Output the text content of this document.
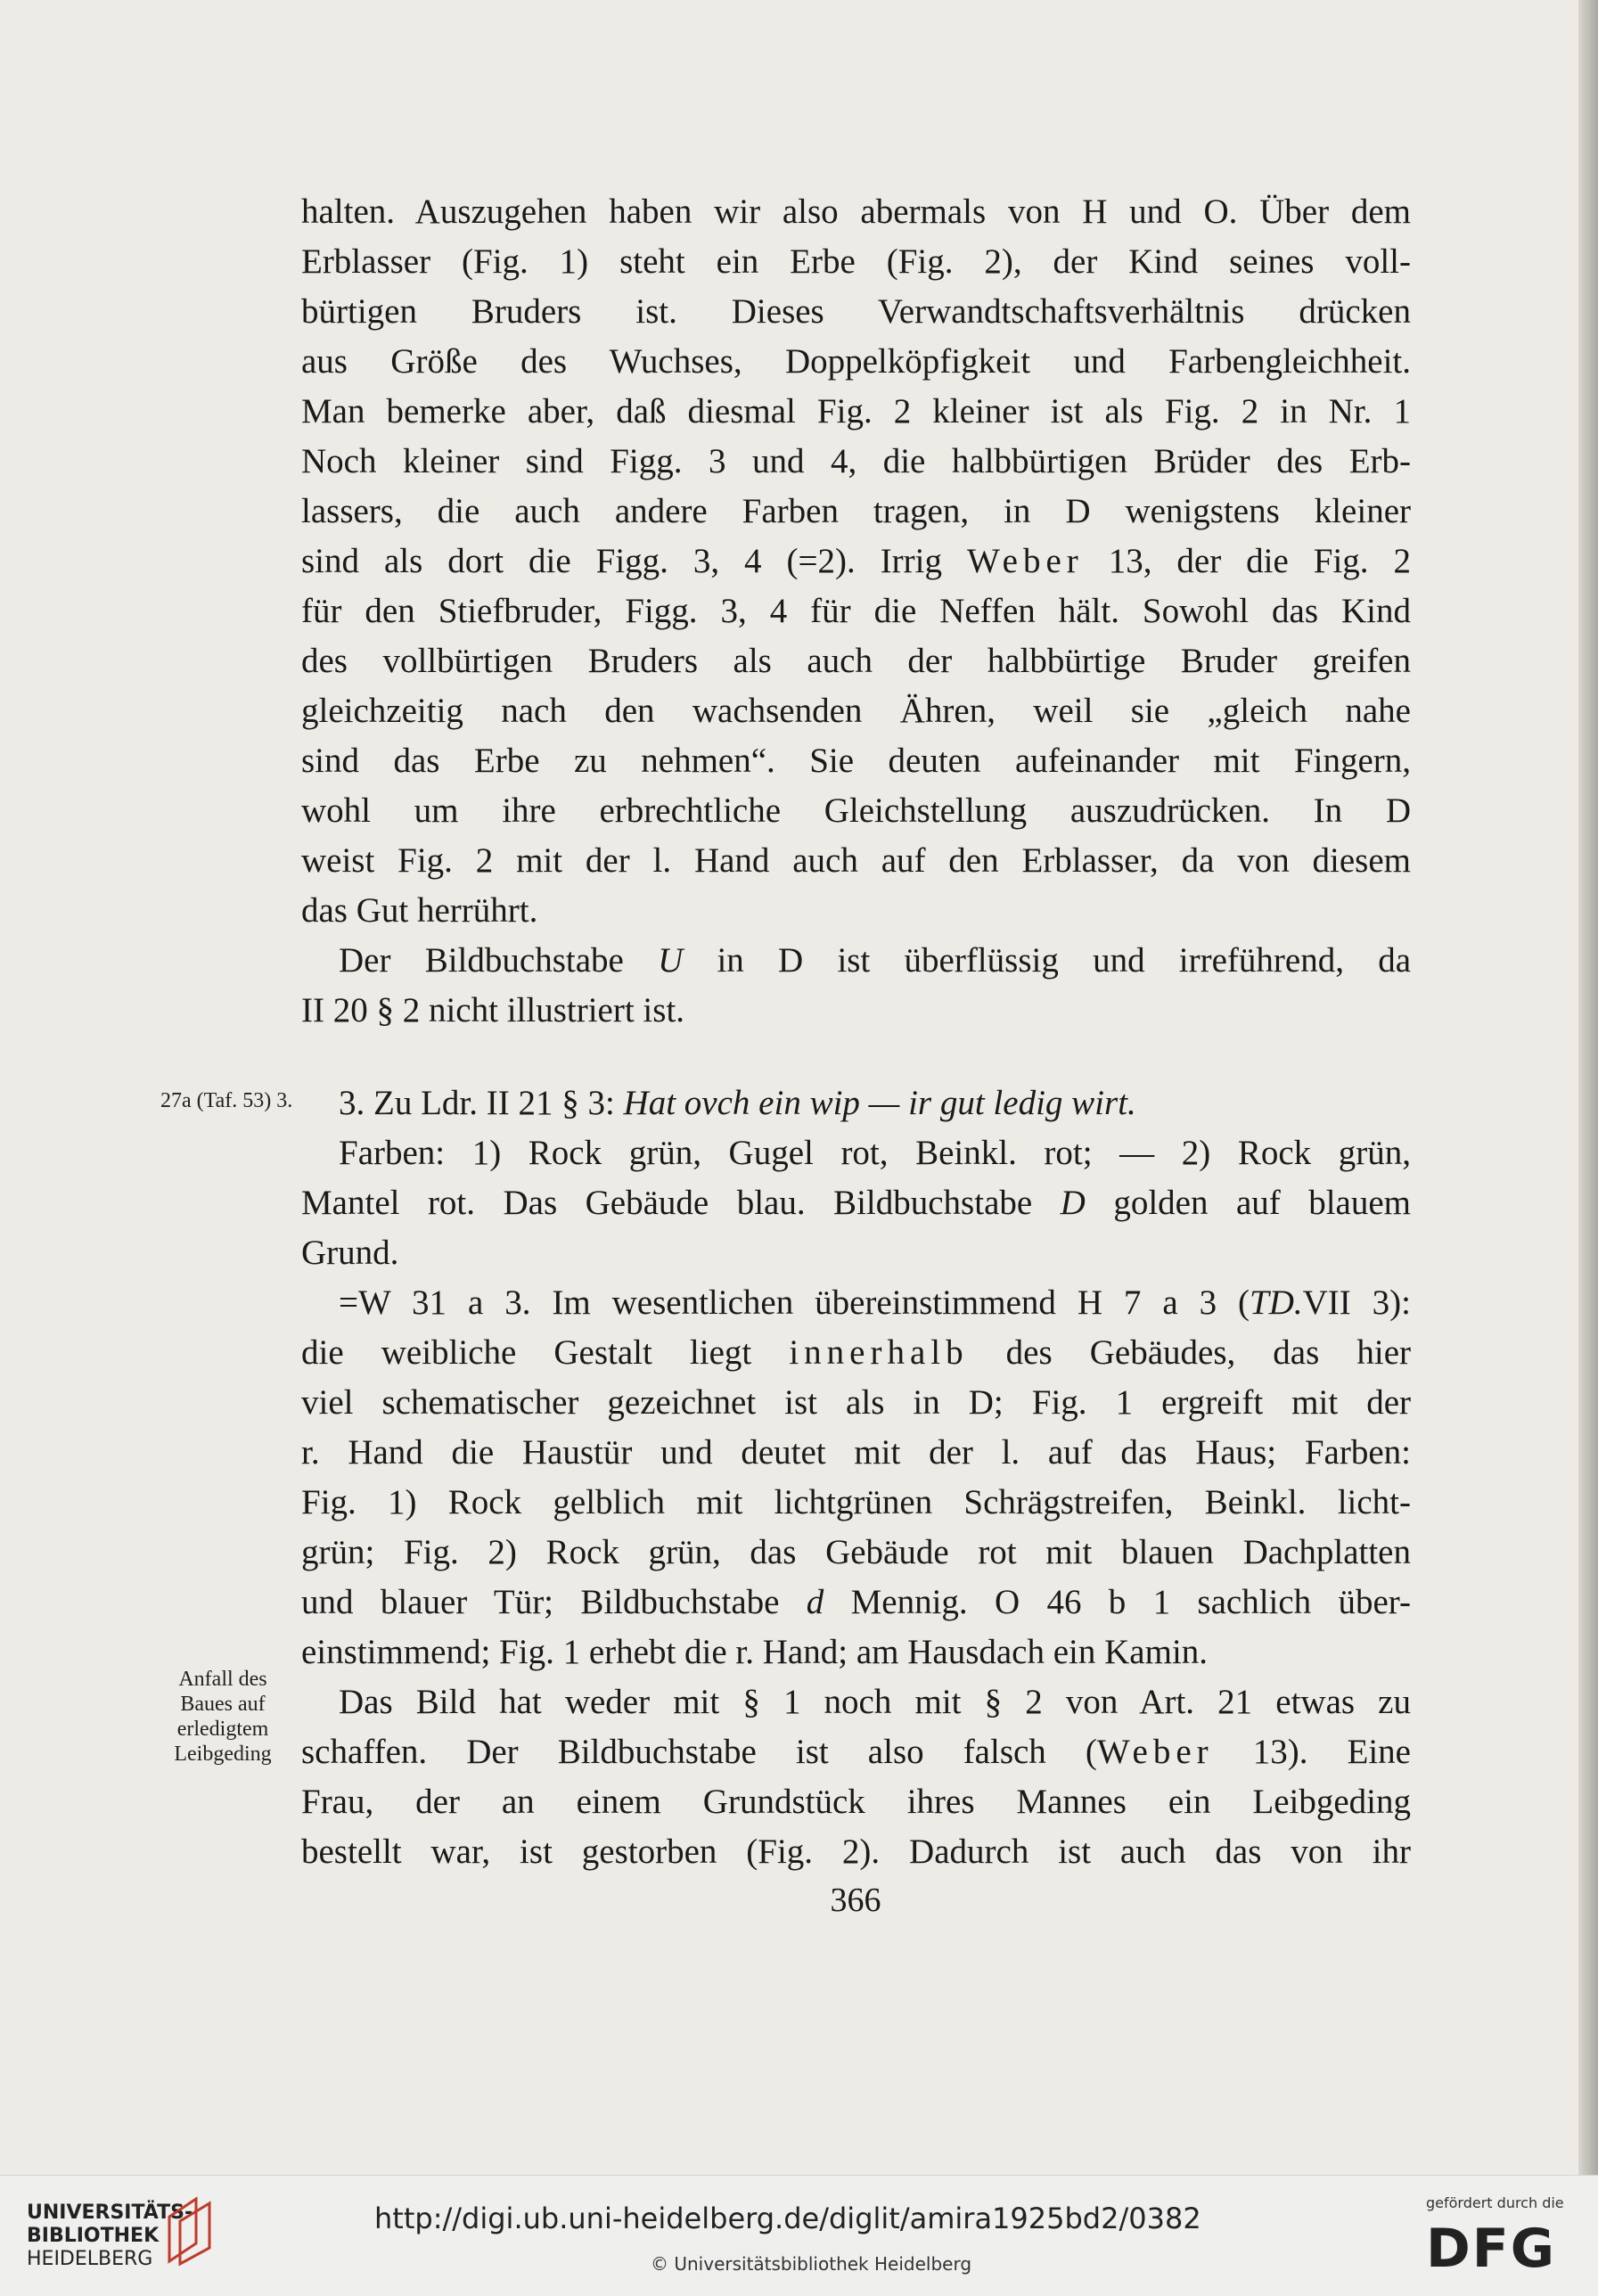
halten. Auszugehen haben wir also abermals von H und O. Über dem
Erblasser (Fig. 1) steht ein Erbe (Fig. 2), der Kind seines voll-
bürtigen Bruders ist. Dieses Verwandtschaftsverhältnis drücken
aus Größe des Wuchses, Doppelköpfigkeit und Farbengleichheit.
Man bemerke aber, daß diesmal Fig. 2 kleiner ist als Fig. 2 in Nr. 1
Noch kleiner sind Figg. 3 und 4, die halbbürtigen Brüder des Erb-
lassers, die auch andere Farben tragen, in D wenigstens kleiner
sind als dort die Figg. 3, 4 (=2). Irrig Weber 13, der die Fig. 2
für den Stiefbruder, Figg. 3, 4 für die Neffen hält. Sowohl das Kind
des vollbürtigen Bruders als auch der halbbürtige Bruder greifen
gleichzeitig nach den wachsenden Ähren, weil sie „gleich nahe
sind das Erbe zu nehmen“. Sie deuten aufeinander mit Fingern,
wohl um ihre erbrechtliche Gleichstellung auszudrücken. In D
weist Fig. 2 mit der l. Hand auch auf den Erblasser, da von diesem
das Gut herrührt.
Der Bildbuchstabe U in D ist überflüssig und irreführend, da
II 20 § 2 nicht illustriert ist.
27a (Taf. 53) 3.	3. Zu Ldr. II 21 § 3: Hat ovch ein wip — ir gut ledig wirt.
Farben: 1) Rock grün, Gugel rot, Beinkl. rot; — 2) Rock grün,
Mantel rot. Das Gebäude blau. Bildbuchstabe D golden auf blauem
Grund.
=W 31 a 3. Im wesentlichen übereinstimmend H 7 a 3 (TD.VII 3):
die weibliche Gestalt liegt innerhalb des Gebäudes, das hier
viel schematischer gezeichnet ist als in D; Fig. 1 ergreift mit der
r. Hand die Haustür und deutet mit der l. auf das Haus; Farben:
Fig. 1) Rock gelblich mit lichtgrünen Schrägstreifen, Beinkl. licht-
grün; Fig. 2) Rock grün, das Gebäude rot mit blauen Dachplatten
und blauer Tür; Bildbuchstabe d Mennig. O 46 b 1 sachlich über-
einstimmend; Fig. 1 erhebt die r. Hand; am Hausdach ein Kamin.
Das Bild hat weder mit § 1 noch mit § 2 von Art. 21 etwas zu
schaffen. Der Bildbuchstabe ist also falsch (Weber 13). Eine
Frau, der an einem Grundstück ihres Mannes ein Leibgeding
bestellt war, ist gestorben (Fig. 2). Dadurch ist auch das von ihr
Anfall des
Baues auf
erledigtem
Leibgeding
366
UNIVERSITÄTS-
BIBLIOTHEK
HEIDELBERG
http://digi.ub.uni-heidelberg.de/diglit/amira1925bd2/0382
© Universitätsbibliothek Heidelberg
gefördert durch die
DFG
